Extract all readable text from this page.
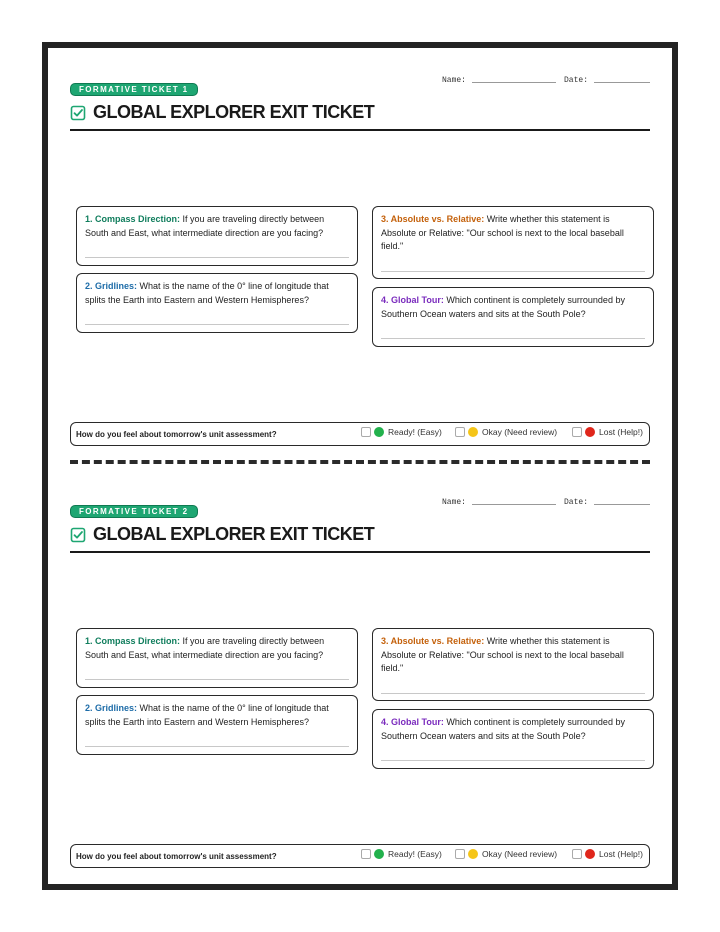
FORMATIVE TICKET 1
Name:	Date:
GLOBAL EXPLORER EXIT TICKET

1. Compass Direction: If you are traveling directly between South and East, what intermediate direction are you facing?

2. Gridlines: What is the name of the 0° line of longitude that splits the Earth into Eastern and Western Hemispheres?

3. Absolute vs. Relative: Write whether this statement is Absolute or Relative: "Our school is next to the local baseball field."

4. Global Tour: Which continent is completely surrounded by Southern Ocean waters and sits at the South Pole?

How do you feel about tomorrow's unit assessment?	Ready! (Easy)	Okay (Need review)	Lost (Help!)
FORMATIVE TICKET 2
Name:	Date:
GLOBAL EXPLORER EXIT TICKET

1. Compass Direction: If you are traveling directly between South and East, what intermediate direction are you facing?

2. Gridlines: What is the name of the 0° line of longitude that splits the Earth into Eastern and Western Hemispheres?

3. Absolute vs. Relative: Write whether this statement is Absolute or Relative: "Our school is next to the local baseball field."

4. Global Tour: Which continent is completely surrounded by Southern Ocean waters and sits at the South Pole?

How do you feel about tomorrow's unit assessment?	Ready! (Easy)	Okay (Need review)	Lost (Help!)
